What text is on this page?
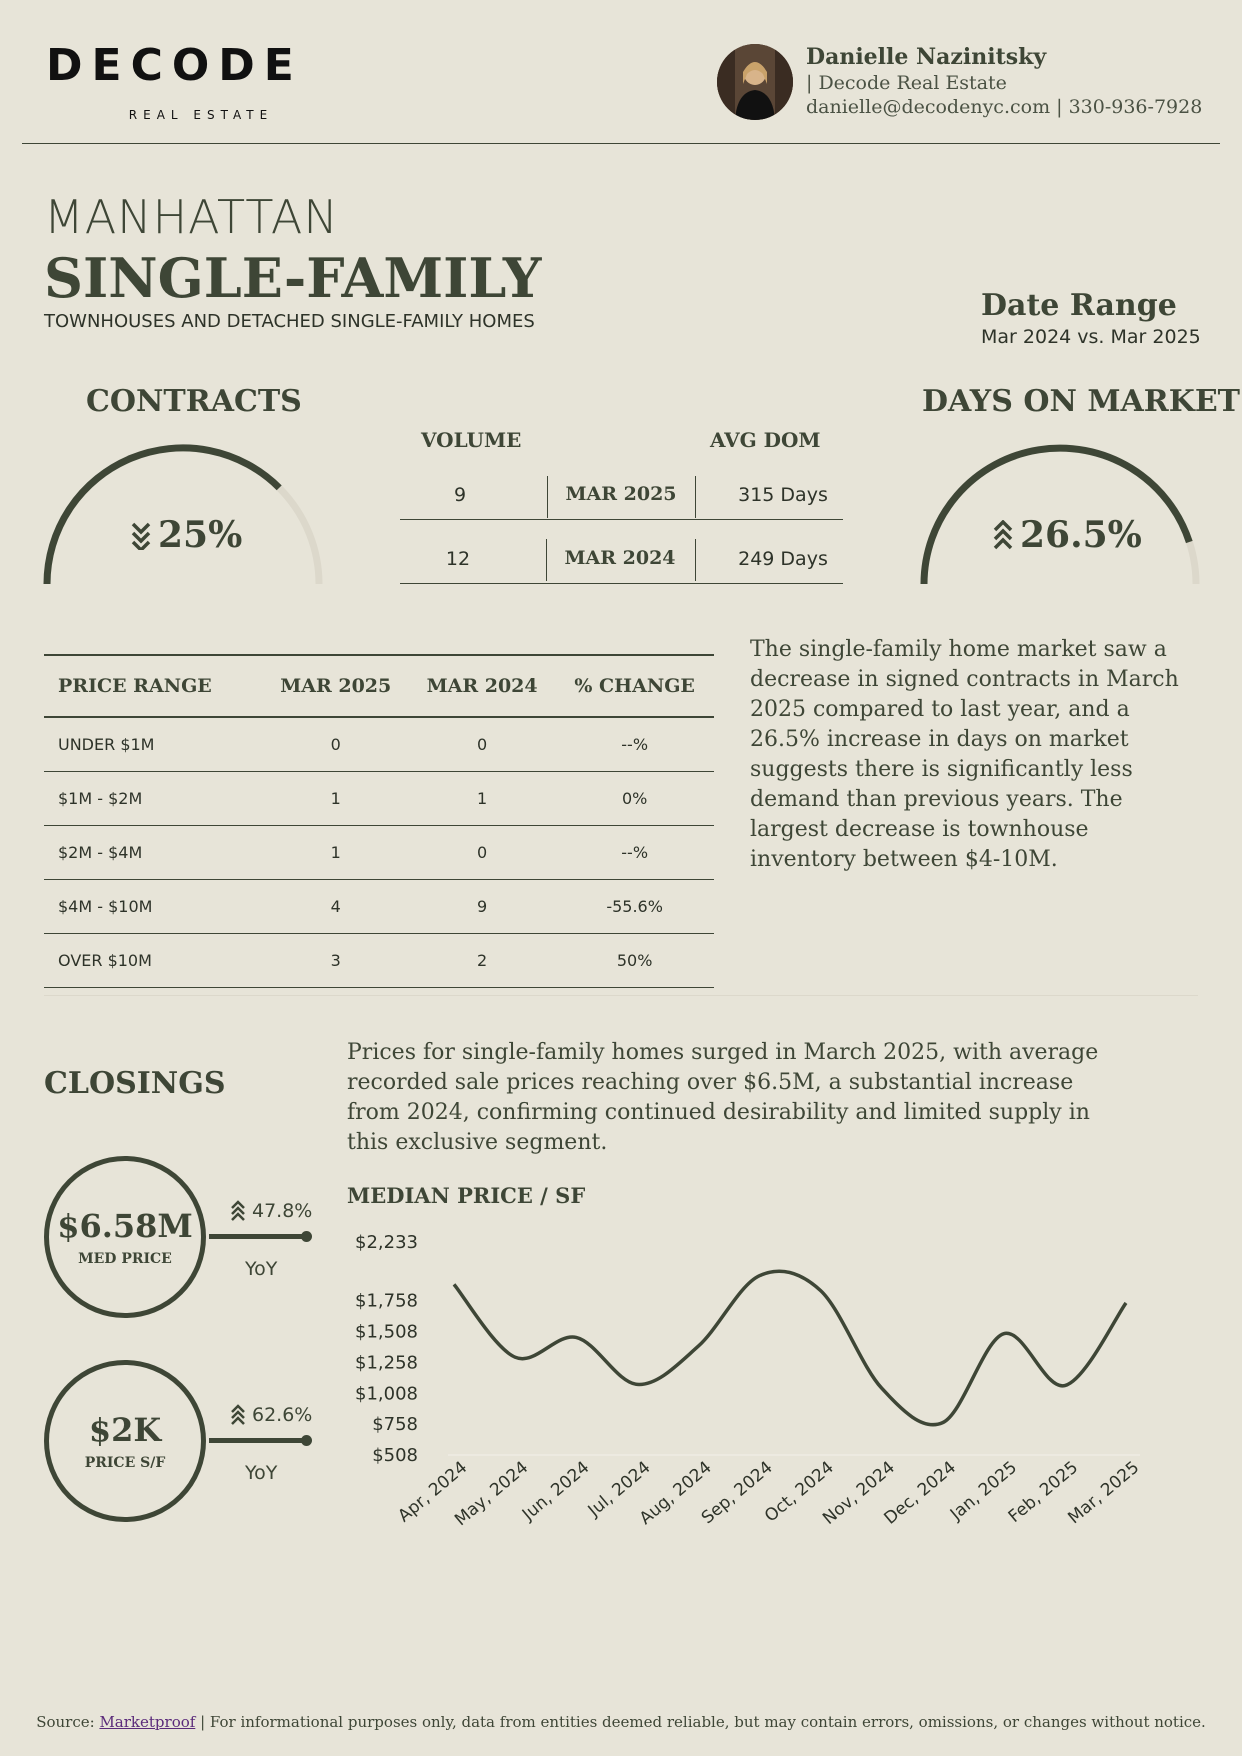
DECODE
REAL ESTATE
Danielle Nazinitsky
| Decode Real Estate
danielle@decodenyc.com | 330-936-7928
MANHATTAN
SINGLE-FAMILY
TOWNHOUSES AND DETACHED SINGLE-FAMILY HOMES	Date Range
Mar 2024 vs. Mar 2025
CONTRACTS
25%
VOLUME	AVG DOM
9	MAR 2025	315 Days
12	MAR 2024	249 Days
DAYS ON MARKET
26.5%
PRICE RANGE	MAR 2025	MAR 2024	% CHANGE
UNDER $1M	0	0	--%
$1M - $2M	1	1	0%
$2M - $4M	1	0	--%
$4M - $10M	4	9	-55.6%
OVER $10M	3	2	50%
The single-family home market saw a decrease in signed contracts in March 2025 compared to last year, and a 26.5% increase in days on market suggests there is significantly less demand than previous years. The largest decrease is townhouse inventory between $4-10M.
CLOSINGS
Prices for single-family homes surged in March 2025, with average recorded sale prices reaching over $6.5M, a substantial increase from 2024, confirming continued desirability and limited supply in this exclusive segment.
$6.58M
MED PRICE
47.8%
YoY
$2K
PRICE S/F
62.6%
YoY
MEDIAN PRICE / SF
$508
$758
$1,008
$1,258
$1,508
$1,758
$2,233
Apr, 2024
May, 2024
Jun, 2024
Jul, 2024
Aug, 2024
Sep, 2024
Oct, 2024
Nov, 2024
Dec, 2024
Jan, 2025
Feb, 2025
Mar, 2025
Source: Marketproof | For informational purposes only, data from entities deemed reliable, but may contain errors, omissions, or changes without notice.
